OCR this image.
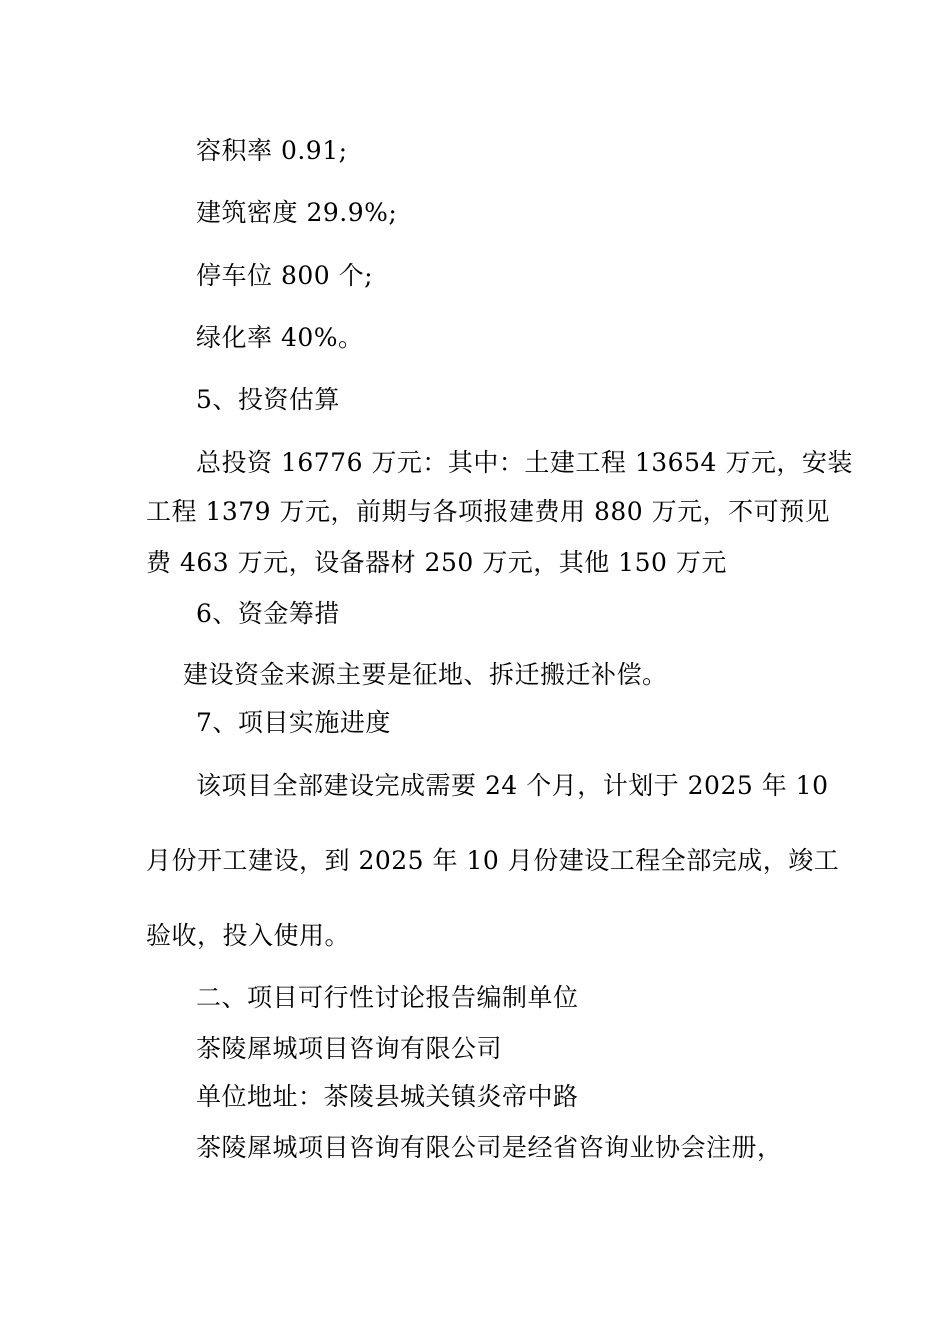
容积率 0.91;
建筑密度 29.9%;
停车位 800 个;
绿化率 40%。
5、投资估算
总投资 16776 万元：其中：土建工程 13654 万元，安装
工程 1379 万元，前期与各项报建费用 880 万元，不可预见
费 463 万元，设备器材 250 万元，其他 150 万元
6、资金筹措
建设资金来源主要是征地、拆迁搬迁补偿。
7、项目实施进度
该项目全部建设完成需要 24 个月，计划于 2025 年 10
月份开工建设，到 2025 年 10 月份建设工程全部完成，竣工
验收，投入使用。
二、项目可行性讨论报告编制单位
茶陵犀城项目咨询有限公司
单位地址：茶陵县城关镇炎帝中路
茶陵犀城项目咨询有限公司是经省咨询业协会注册，
